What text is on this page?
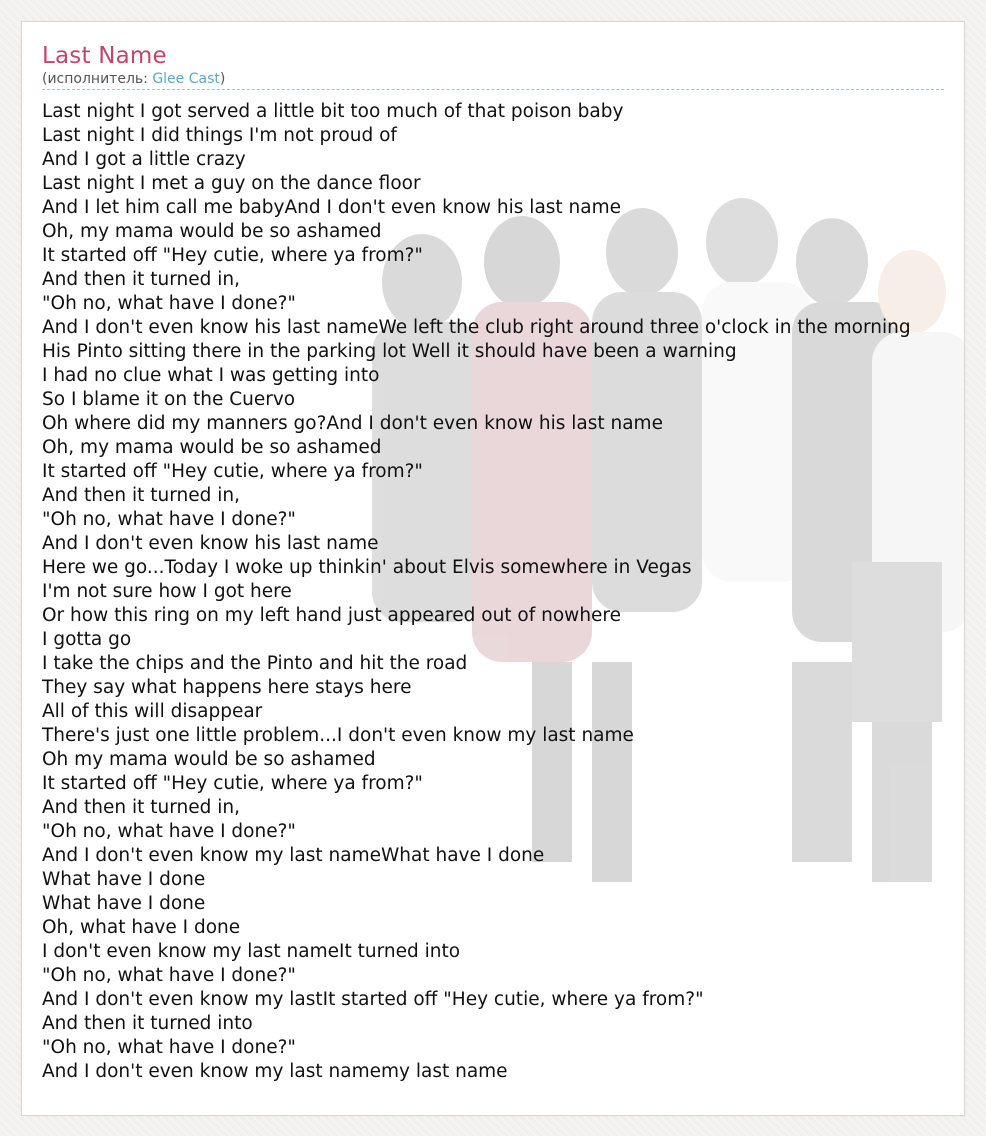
Last Name
(исполнитель: Glee Cast)
Last night I got served a little bit too much of that poison baby
Last night I did things I'm not proud of
And I got a little crazy
Last night I met a guy on the dance floor
And I let him call me babyAnd I don't even know his last name
Oh, my mama would be so ashamed
It started off "Hey cutie, where ya from?"
And then it turned in,
"Oh no, what have I done?"
And I don't even know his last nameWe left the club right around three o'clock in the morning
His Pinto sitting there in the parking lot Well it should have been a warning
I had no clue what I was getting into
So I blame it on the Cuervo
Oh where did my manners go?And I don't even know his last name
Oh, my mama would be so ashamed
It started off "Hey cutie, where ya from?"
And then it turned in,
"Oh no, what have I done?"
And I don't even know his last name
Here we go...Today I woke up thinkin' about Elvis somewhere in Vegas
I'm not sure how I got here
Or how this ring on my left hand just appeared out of nowhere
I gotta go
I take the chips and the Pinto and hit the road
They say what happens here stays here
All of this will disappear
There's just one little problem...I don't even know my last name
Oh my mama would be so ashamed
It started off "Hey cutie, where ya from?"
And then it turned in,
"Oh no, what have I done?"
And I don't even know my last nameWhat have I done
What have I done
What have I done
Oh, what have I done
I don't even know my last nameIt turned into
"Oh no, what have I done?"
And I don't even know my lastIt started off "Hey cutie, where ya from?"
And then it turned into
"Oh no, what have I done?"
And I don't even know my last namemy last name
